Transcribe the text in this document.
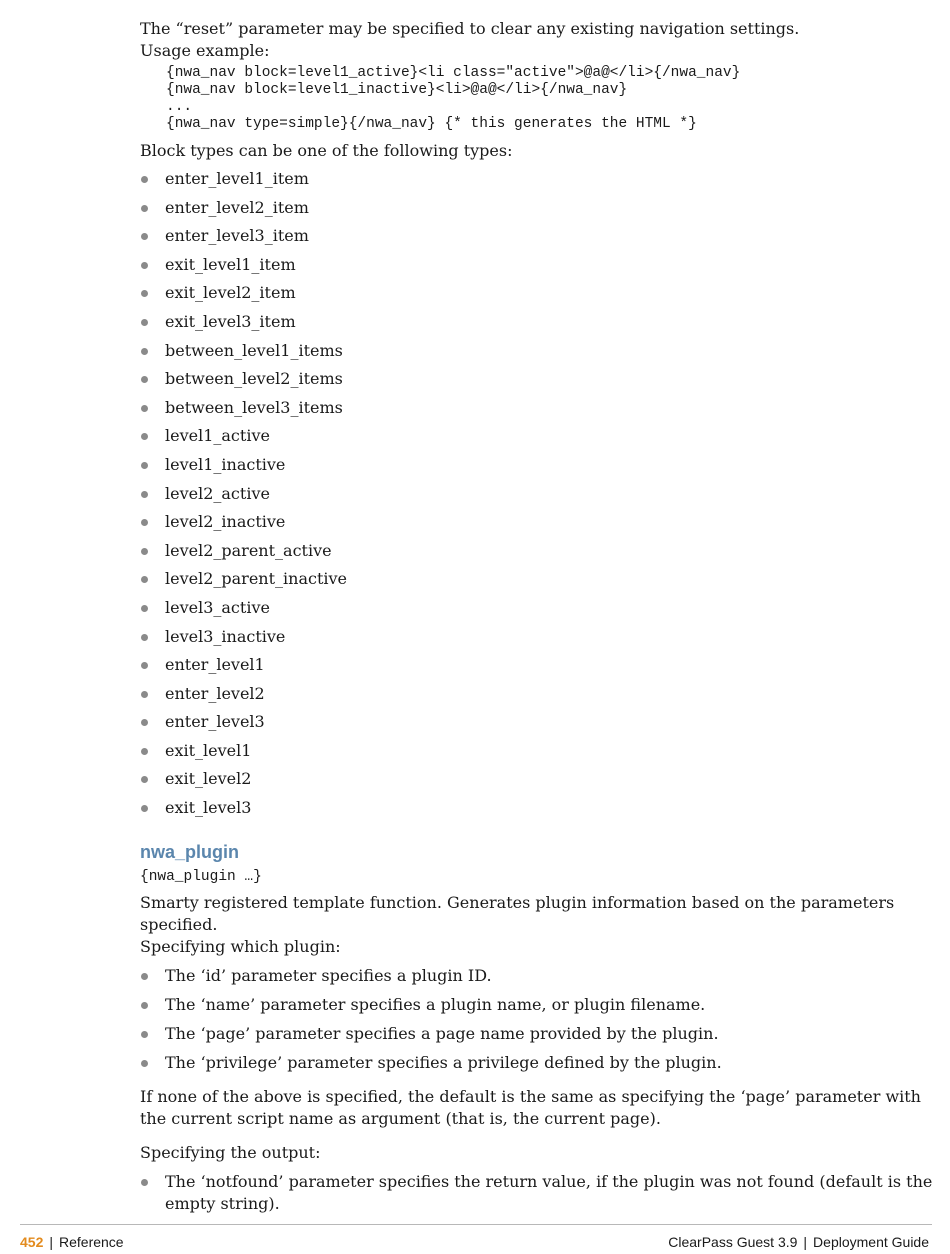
The “reset” parameter may be specified to clear any existing navigation settings.

Usage example:

{nwa_nav block=level1_active}<li class="active">@a@</li>{/nwa_nav}
{nwa_nav block=level1_inactive}<li>@a@</li>{/nwa_nav}
...
{nwa_nav type=simple}{/nwa_nav} {* this generates the HTML *}

Block types can be one of the following types:

enter_level1_item
enter_level2_item
enter_level3_item
exit_level1_item
exit_level2_item
exit_level3_item
between_level1_items
between_level2_items
between_level3_items
level1_active
level1_inactive
level2_active
level2_inactive
level2_parent_active
level2_parent_inactive
level3_active
level3_inactive
enter_level1
enter_level2
enter_level3
exit_level1
exit_level2
exit_level3
nwa_plugin
{nwa_plugin …}

Smarty registered template function. Generates plugin information based on the parameters specified.

Specifying which plugin:

The ‘id’ parameter specifies a plugin ID.
The ‘name’ parameter specifies a plugin name, or plugin filename.
The ‘page’ parameter specifies a page name provided by the plugin.
The ‘privilege’ parameter specifies a privilege defined by the plugin.

If none of the above is specified, the default is the same as specifying the ‘page’ parameter with the current script name as argument (that is, the current page).

Specifying the output:

The ‘notfound’ parameter specifies the return value, if the plugin was not found (default is the empty string).
452 | Reference	ClearPass Guest 3.9 | Deployment Guide
